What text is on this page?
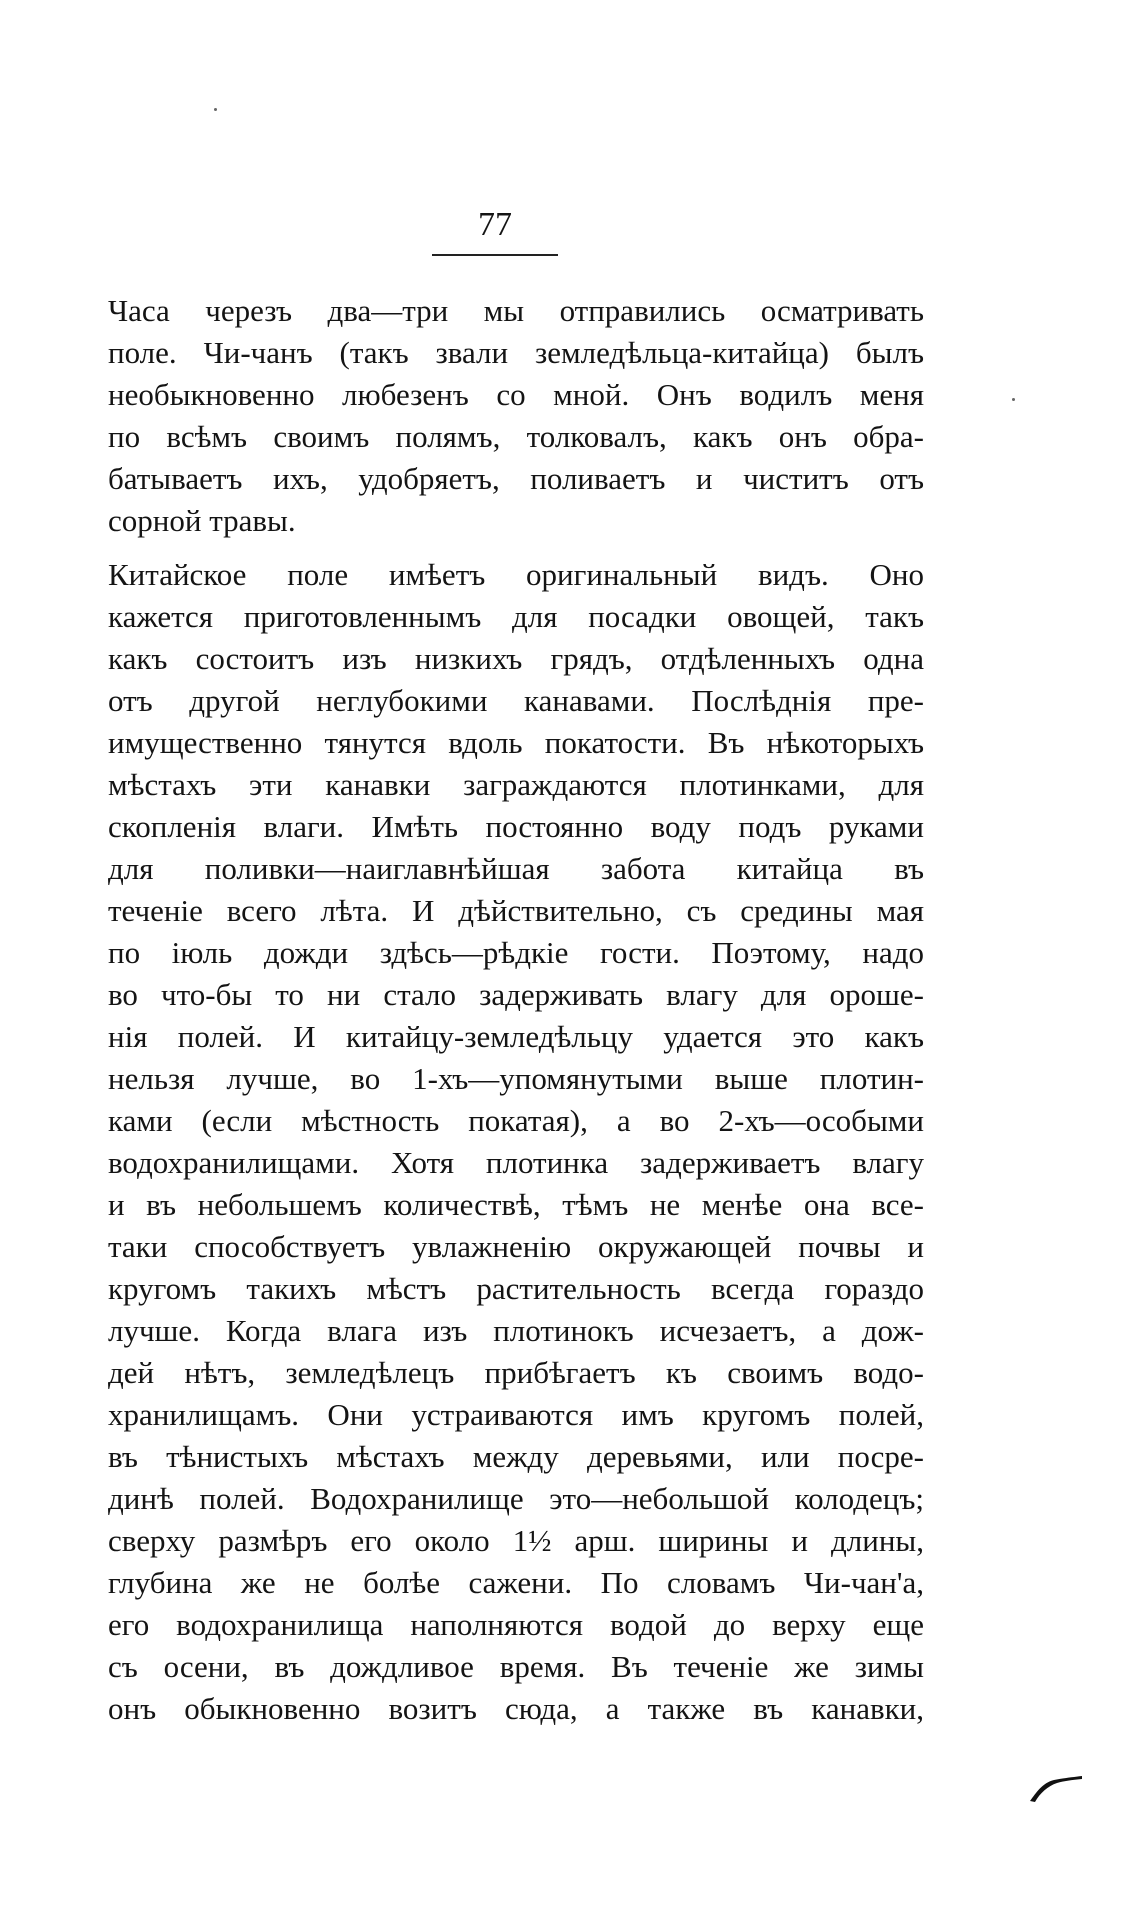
77
Часа черезъ два—три мы отправились осматривать
поле. Чи-чанъ (такъ звали земледѣльца-китайца) былъ
необыкновенно любезенъ со мной. Онъ водилъ меня
по всѣмъ своимъ полямъ, толковалъ, какъ онъ обра-
батываетъ ихъ, удобряетъ, поливаетъ и чиститъ отъ
сорной травы.
Китайское поле имѣетъ оригинальный видъ. Оно
кажется приготовленнымъ для посадки овощей, такъ
какъ состоитъ изъ низкихъ грядъ, отдѣленныхъ одна
отъ другой неглубокими канавами. Послѣднія пре-
имущественно тянутся вдоль покатости. Въ нѣкоторыхъ
мѣстахъ эти канавки заграждаются плотинками, для
скопленія влаги. Имѣть постоянно воду подъ руками
для поливки—наиглавнѣйшая забота китайца въ
теченіе всего лѣта. И дѣйствительно, съ средины мая
по іюль дожди здѣсь—рѣдкіе гости. Поэтому, надо
во что-бы то ни стало задерживать влагу для ороше-
нія полей. И китайцу-земледѣльцу удается это какъ
нельзя лучше, во 1-хъ—упомянутыми выше плотин-
ками (если мѣстность покатая), а во 2-хъ—особыми
водохранилищами. Хотя плотинка задерживаетъ влагу
и въ небольшемъ количествѣ, тѣмъ не менѣе она все-
таки способствуетъ увлажненію окружающей почвы и
кругомъ такихъ мѣстъ растительность всегда гораздо
лучше. Когда влага изъ плотинокъ исчезаетъ, а дож-
дей нѣтъ, земледѣлецъ прибѣгаетъ къ своимъ водо-
хранилищамъ. Они устраиваются имъ кругомъ полей,
въ тѣнистыхъ мѣстахъ между деревьями, или посре-
динѣ полей. Водохранилище это—небольшой колодецъ;
сверху размѣръ его около 1½ арш. ширины и длины,
глубина же не болѣе сажени. По словамъ Чи-чан'а,
его водохранилища наполняются водой до верху еще
съ осени, въ дождливое время. Въ теченіе же зимы
онъ обыкновенно возитъ сюда, а также въ канавки,
